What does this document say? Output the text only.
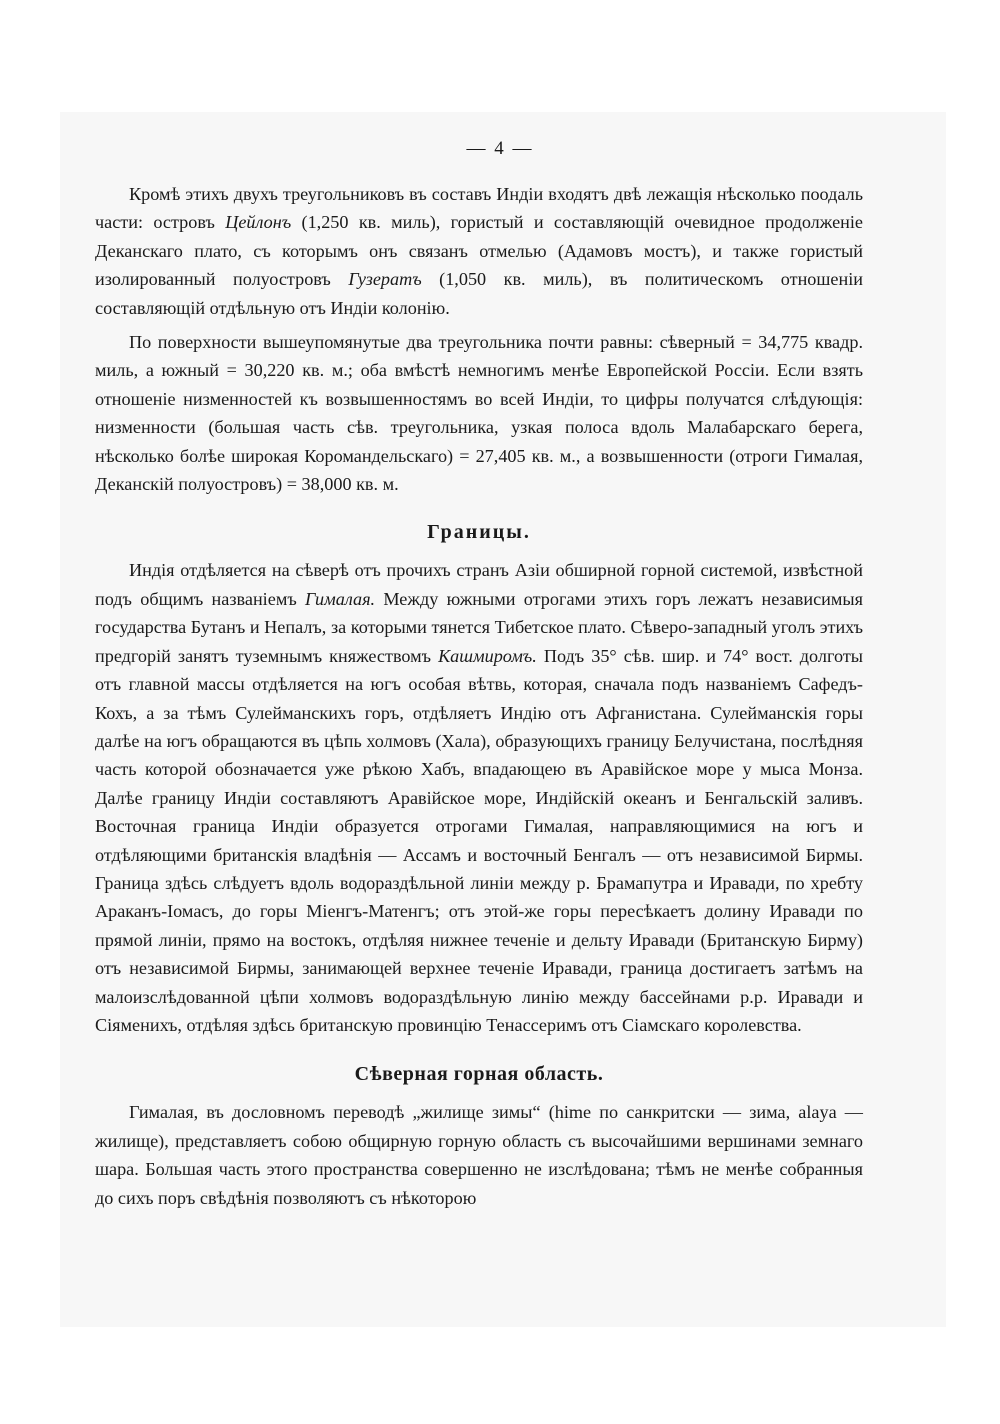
— 4 —

Кромѣ этихъ двухъ треугольниковъ въ составъ Индіи входятъ двѣ лежащія нѣсколько поодаль части: островъ Цейлонъ (1,250 кв. миль), гористый и составляющій очевидное продолженіе Деканскаго плато, съ которымъ онъ связанъ отмелью (Адамовъ мостъ), и также гористый изолированный полуостровъ Гузератъ (1,050 кв. миль), въ политическомъ отношеніи составляющій отдѣльную отъ Индіи колонію.

По поверхности вышеупомянутые два треугольника почти равны: сѣверный = 34,775 квадр. миль, а южный = 30,220 кв. м.; оба вмѣстѣ немногимъ менѣе Европейской Россіи. Если взять отношеніе низменностей къ возвышенностямъ во всей Индіи, то цифры получатся слѣдующія: низменности (большая часть сѣв. треугольника, узкая полоса вдоль Малабарскаго берега, нѣсколько болѣе широкая Коромандельскаго) = 27,405 кв. м., а возвышенности (отроги Гималая, Деканскій полуостровъ) = 38,000 кв. м.

Границы.

Индія отдѣляется на сѣверѣ отъ прочихъ странъ Азіи обширной горной системой, извѣстной подъ общимъ названіемъ Гималая. Между южными отрогами этихъ горъ лежатъ независимыя государства Бутанъ и Непалъ, за которыми тянется Тибетское плато. Сѣверо-западный уголъ этихъ предгорій занятъ туземнымъ княжествомъ Кашмиромъ. Подъ 35° сѣв. шир. и 74° вост. долготы отъ главной массы отдѣляется на югъ особая вѣтвь, которая, сначала подъ названіемъ Сафедъ-Кохъ, а за тѣмъ Сулейманскихъ горъ, отдѣляетъ Индію отъ Афганистана. Сулейманскія горы далѣе на югъ обращаются въ цѣпь холмовъ (Хала), образующихъ границу Белучистана, послѣдняя часть которой обозначается уже рѣкою Хабъ, впадающею въ Аравійское море у мыса Монза. Далѣе границу Индіи составляютъ Аравійское море, Индійскій океанъ и Бенгальскій заливъ. Восточная граница Индіи образуется отрогами Гималая, направляющимися на югъ и отдѣляющими британскія владѣнія — Ассамъ и восточный Бенгалъ — отъ независимой Бирмы. Граница здѣсь слѣдуетъ вдоль водораздѣльной линіи между р. Брамапутра и Иравади, по хребту Араканъ-Іомасъ, до горы Міенгъ-Матенгъ; отъ этой-же горы пересѣкаетъ долину Иравади по прямой линіи, прямо на востокъ, отдѣляя нижнее теченіе и дельту Иравади (Британскую Бирму) отъ независимой Бирмы, занимающей верхнее теченіе Иравади, граница достигаетъ затѣмъ на малоизслѣдованной цѣпи холмовъ водораздѣльную линію между бассейнами р.р. Иравади и Сіяменихъ, отдѣляя здѣсь британскую провинцію Тенассеримъ отъ Сіамскаго королевства.

Сѣверная горная область.

Гималая, въ дословномъ переводѣ „жилище зимы“ (hime по санкритски — зима, alaya — жилище), представляетъ собою общирную горную область съ высочайшими вершинами земнаго шара. Большая часть этого пространства совершенно не изслѣдована; тѣмъ не менѣе собранныя до сихъ поръ свѣдѣнія позволяютъ съ нѣкоторою
